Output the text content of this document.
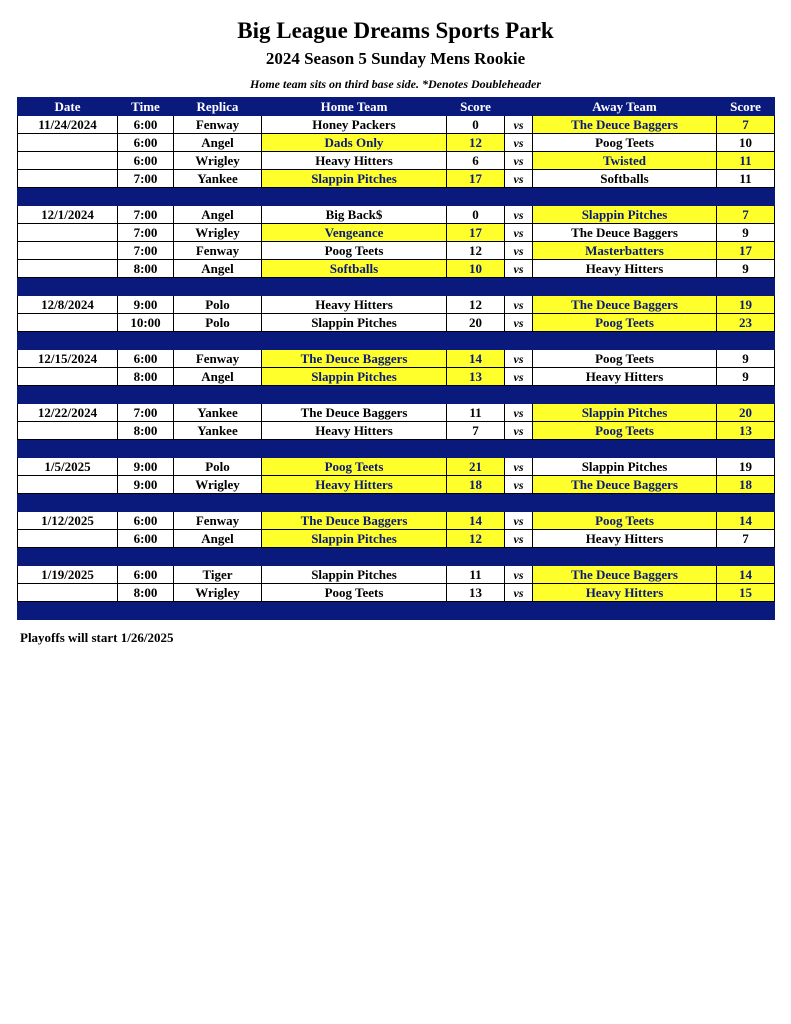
Big League Dreams Sports Park
2024 Season 5 Sunday Mens Rookie
Home team sits on third base side. *Denotes Doubleheader
Date	Time	Replica	Home Team	Score		Away Team	Score
11/24/2024	6:00	Fenway	Honey Packers	0	vs	The Deuce Baggers	7
	6:00	Angel	Dads Only	12	vs	Poog Teets	10
	6:00	Wrigley	Heavy Hitters	6	vs	Twisted	11
	7:00	Yankee	Slappin Pitches	17	vs	Softballs	11

12/1/2024	7:00	Angel	Big Back$	0	vs	Slappin Pitches	7
	7:00	Wrigley	Vengeance	17	vs	The Deuce Baggers	9
	7:00	Fenway	Poog Teets	12	vs	Masterbatters	17
	8:00	Angel	Softballs	10	vs	Heavy Hitters	9

12/8/2024	9:00	Polo	Heavy Hitters	12	vs	The Deuce Baggers	19
	10:00	Polo	Slappin Pitches	20	vs	Poog Teets	23

12/15/2024	6:00	Fenway	The Deuce Baggers	14	vs	Poog Teets	9
	8:00	Angel	Slappin Pitches	13	vs	Heavy Hitters	9

12/22/2024	7:00	Yankee	The Deuce Baggers	11	vs	Slappin Pitches	20
	8:00	Yankee	Heavy Hitters	7	vs	Poog Teets	13

1/5/2025	9:00	Polo	Poog Teets	21	vs	Slappin Pitches	19
	9:00	Wrigley	Heavy Hitters	18	vs	The Deuce Baggers	18

1/12/2025	6:00	Fenway	The Deuce Baggers	14	vs	Poog Teets	14
	6:00	Angel	Slappin Pitches	12	vs	Heavy Hitters	7

1/19/2025	6:00	Tiger	Slappin Pitches	11	vs	The Deuce Baggers	14
	8:00	Wrigley	Poog Teets	13	vs	Heavy Hitters	15

Playoffs will start 1/26/2025
